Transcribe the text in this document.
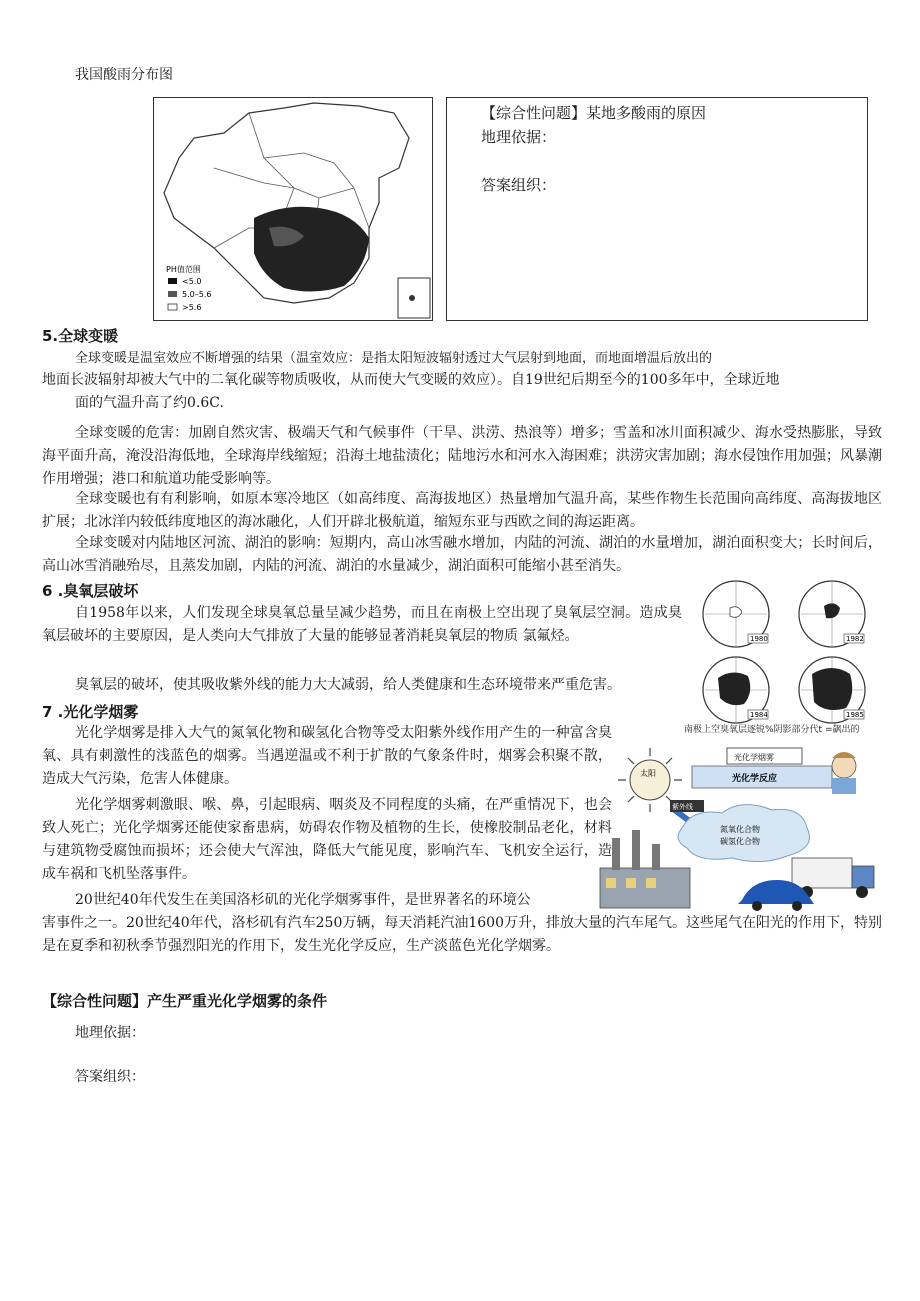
我国酸雨分布图
PH值范围
<5.0
5.0–5.6
>5.6
【综合性问题】某地多酸雨的原因
地理依据：
答案组织：
5.全球变暖
全球变暖是温室效应不断增强的结果（温室效应：是指太阳短波辐射透过大气层射到地面，而地面增温后放出的
地面长波辐射却被大气中的二氧化碳等物质吸收，从而使大气变暖的效应）。自19世纪后期至今的100多年中，全球近地
面的气温升高了约0.6C.
全球变暖的危害：加剧自然灾害、极端天气和气候事件（干旱、洪涝、热浪等）增多；雪盖和冰川面积减少、海水受热膨胀，导致海平面升高，淹没沿海低地，全球海岸线缩短；沿海土地盐渍化；陆地污水和河水入海困难；洪涝灾害加剧；海水侵蚀作用加强；风暴潮作用增强；港口和航道功能受影响等。
全球变暖也有有利影响，如原本寒冷地区（如高纬度、高海拔地区）热量增加气温升高，某些作物生长范围向高纬度、高海拔地区扩展；北冰洋内较低纬度地区的海冰融化，人们开辟北极航道，缩短东亚与西欧之间的海运距离。
全球变暖对内陆地区河流、湖泊的影响：短期内，高山冰雪融水增加，内陆的河流、湖泊的水量增加，湖泊面积变大；长时间后，高山冰雪消融殆尽，且蒸发加剧，内陆的河流、湖泊的水量减少，湖泊面积可能缩小甚至消失。
6 .臭氧层破坏
自1958年以来，人们发现全球臭氧总量呈减少趋势，而且在南极上空出现了臭氧层空洞。造成臭氧层破坏的主要原因，是人类向大气排放了大量的能够显著消耗臭氧层的物质 氯氟烃。
臭氧层的破坏，使其吸收紫外线的能力大大减弱，给人类健康和生态环境带来严重危害。
1980	1982
1984	1985
7 .光化学烟雾
光化学烟雾是排入大气的氮氧化物和碳氢化合物等受太阳紫外线作用产生的一种富含臭氧、具有刺激性的浅蓝色的烟雾。当遇逆温或不利于扩散的气象条件时，烟雾会积聚不散，造成大气污染，危害人体健康。
光化学烟雾刺激眼、喉、鼻，引起眼病、咽炎及不同程度的头痛，在严重情况下，也会致人死亡；光化学烟雾还能使家畜患病，妨碍农作物及植物的生长，使橡胶制品老化，材料与建筑物受腐蚀而损坏；还会使大气浑浊，降低大气能见度，影响汽车、飞机安全运行，造成车祸和飞机坠落事件。
20世纪40年代发生在美国洛杉矶的光化学烟雾事件，是世界著名的环境公
害事件之一。20世纪40年代，洛杉矶有汽车250万辆，每天消耗汽油1600万升，排放大量的汽车尾气。这些尾气在阳光的作用下，特别是在夏季和初秋季节强烈阳光的作用下，发生光化学反应，生产淡蓝色光化学烟雾。
南极上空臭氧层逐锐%阴影部分代t =飙出的
太阳
紫外线
光化学烟雾
光化学反应
氮氧化合物
碳氢化合物
【综合性问题】产生严重光化学烟雾的条件
地理依据：
答案组织：
